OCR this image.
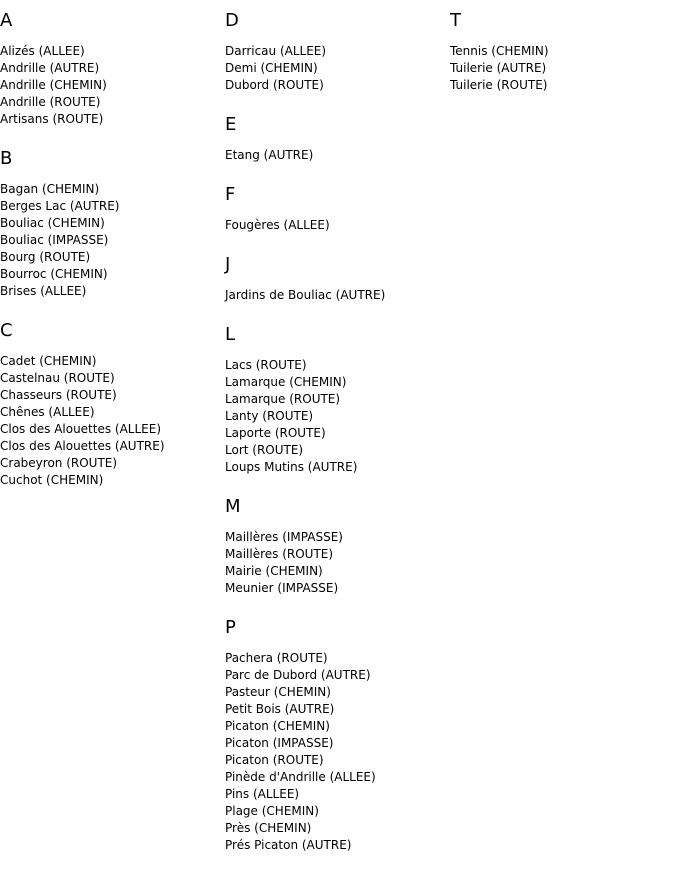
A
Alizés (ALLEE)
Andrille (AUTRE)
Andrille (CHEMIN)
Andrille (ROUTE)
Artisans (ROUTE)
B
Bagan (CHEMIN)
Berges Lac (AUTRE)
Bouliac (CHEMIN)
Bouliac (IMPASSE)
Bourg (ROUTE)
Bourroc (CHEMIN)
Brises (ALLEE)
C
Cadet (CHEMIN)
Castelnau (ROUTE)
Chasseurs (ROUTE)
Chênes (ALLEE)
Clos des Alouettes (ALLEE)
Clos des Alouettes (AUTRE)
Crabeyron (ROUTE)
Cuchot (CHEMIN)
D
Darricau (ALLEE)
Demi (CHEMIN)
Dubord (ROUTE)
E
Etang (AUTRE)
F
Fougères (ALLEE)
J
Jardins de Bouliac (AUTRE)
L
Lacs (ROUTE)
Lamarque (CHEMIN)
Lamarque (ROUTE)
Lanty (ROUTE)
Laporte (ROUTE)
Lort (ROUTE)
Loups Mutins (AUTRE)
M
Maillères (IMPASSE)
Maillères (ROUTE)
Mairie (CHEMIN)
Meunier (IMPASSE)
P
Pachera (ROUTE)
Parc de Dubord (AUTRE)
Pasteur (CHEMIN)
Petit Bois (AUTRE)
Picaton (CHEMIN)
Picaton (IMPASSE)
Picaton (ROUTE)
Pinède d'Andrille (ALLEE)
Pins (ALLEE)
Plage (CHEMIN)
Près (CHEMIN)
Prés Picaton (AUTRE)
T
Tennis (CHEMIN)
Tuilerie (AUTRE)
Tuilerie (ROUTE)
